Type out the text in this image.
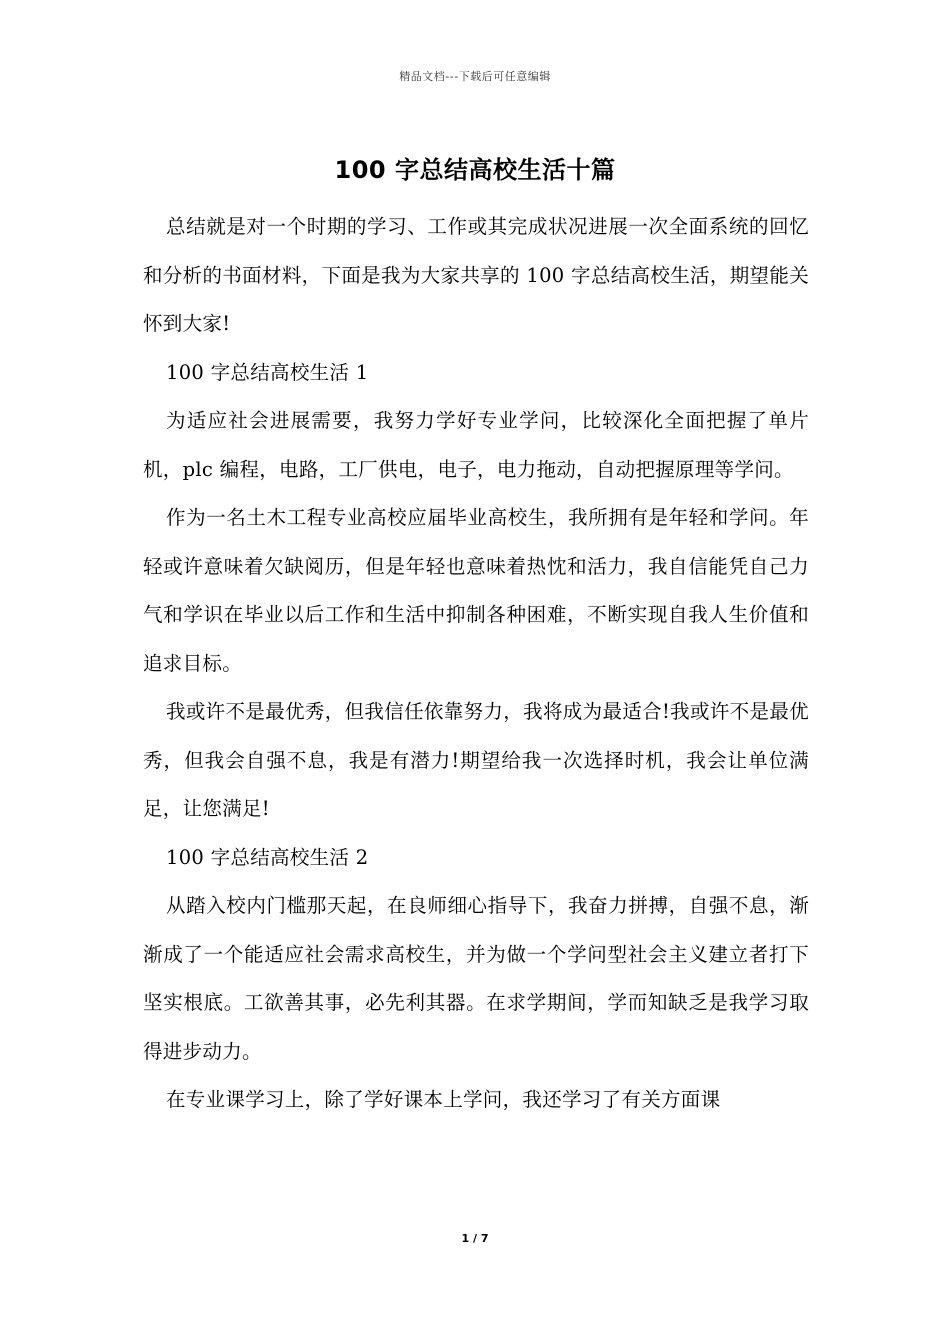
精品文档---下载后可任意编辑
100 字总结高校生活十篇

总结就是对一个时期的学习、工作或其完成状况进展一次全面系统的回忆和分析的书面材料，下面是我为大家共享的 100 字总结高校生活，期望能关怀到大家!

100 字总结高校生活 1

为适应社会进展需要，我努力学好专业学问，比较深化全面把握了单片机，plc 编程，电路，工厂供电，电子，电力拖动，自动把握原理等学问。

作为一名土木工程专业高校应届毕业高校生，我所拥有是年轻和学问。年轻或许意味着欠缺阅历，但是年轻也意味着热忱和活力，我自信能凭自己力气和学识在毕业以后工作和生活中抑制各种困难，不断实现自我人生价值和追求目标。

我或许不是最优秀，但我信任依靠努力，我将成为最适合!我或许不是最优秀，但我会自强不息，我是有潜力!期望给我一次选择时机，我会让单位满足，让您满足!

100 字总结高校生活 2

从踏入校内门槛那天起，在良师细心指导下，我奋力拼搏，自强不息，渐渐成了一个能适应社会需求高校生，并为做一个学问型社会主义建立者打下坚实根底。工欲善其事，必先利其器。在求学期间，学而知缺乏是我学习取得进步动力。

在专业课学习上，除了学好课本上学问，我还学习了有关方面课

1 / 7
